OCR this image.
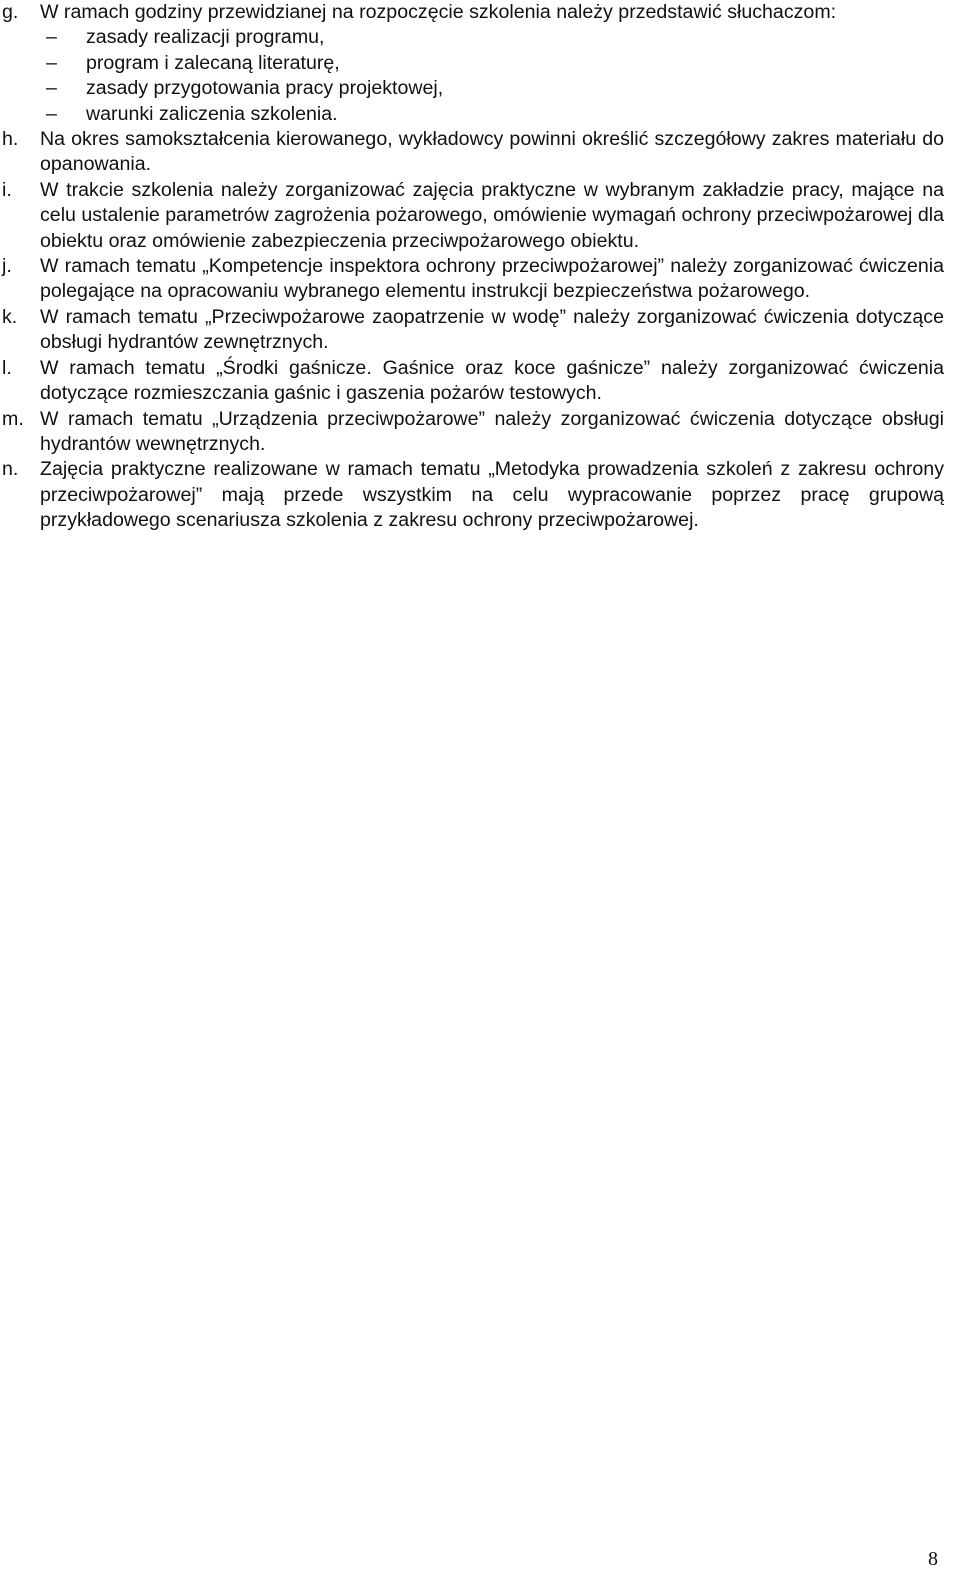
g.	W ramach godziny przewidzianej na rozpoczęcie szkolenia należy przedstawić słuchaczom:

–	zasady realizacji programu,
–	program i zalecaną literaturę,
–	zasady przygotowania pracy projektowej,
–	warunki zaliczenia szkolenia.
h.	Na okres samokształcenia kierowanego, wykładowcy powinni określić szczegółowy zakres materiału do opanowania.

i.	W trakcie szkolenia należy zorganizować zajęcia praktyczne w wybranym zakładzie pracy, mające na celu ustalenie parametrów zagrożenia pożarowego, omówienie wymagań ochrony przeciwpożarowej dla obiektu oraz omówienie zabezpieczenia przeciwpożarowego obiektu.

j.	W ramach tematu „Kompetencje inspektora ochrony przeciwpożarowej” należy zorganizować ćwiczenia polegające na opracowaniu wybranego elementu instrukcji bezpieczeństwa pożarowego.

k.	W ramach tematu „Przeciwpożarowe zaopatrzenie w wodę” należy zorganizować ćwiczenia dotyczące obsługi hydrantów zewnętrznych.

l.	W ramach tematu „Środki gaśnicze. Gaśnice oraz koce gaśnicze” należy zorganizować ćwiczenia dotyczące rozmieszczania gaśnic i gaszenia pożarów testowych.

m. W ramach tematu „Urządzenia przeciwpożarowe” należy zorganizować ćwiczenia dotyczące obsługi hydrantów wewnętrznych.

n.	Zajęcia praktyczne realizowane w ramach tematu „Metodyka prowadzenia szkoleń z zakresu ochrony przeciwpożarowej” mają przede wszystkim na celu wypracowanie poprzez pracę grupową przykładowego scenariusza szkolenia z zakresu ochrony przeciwpożarowej.

8
